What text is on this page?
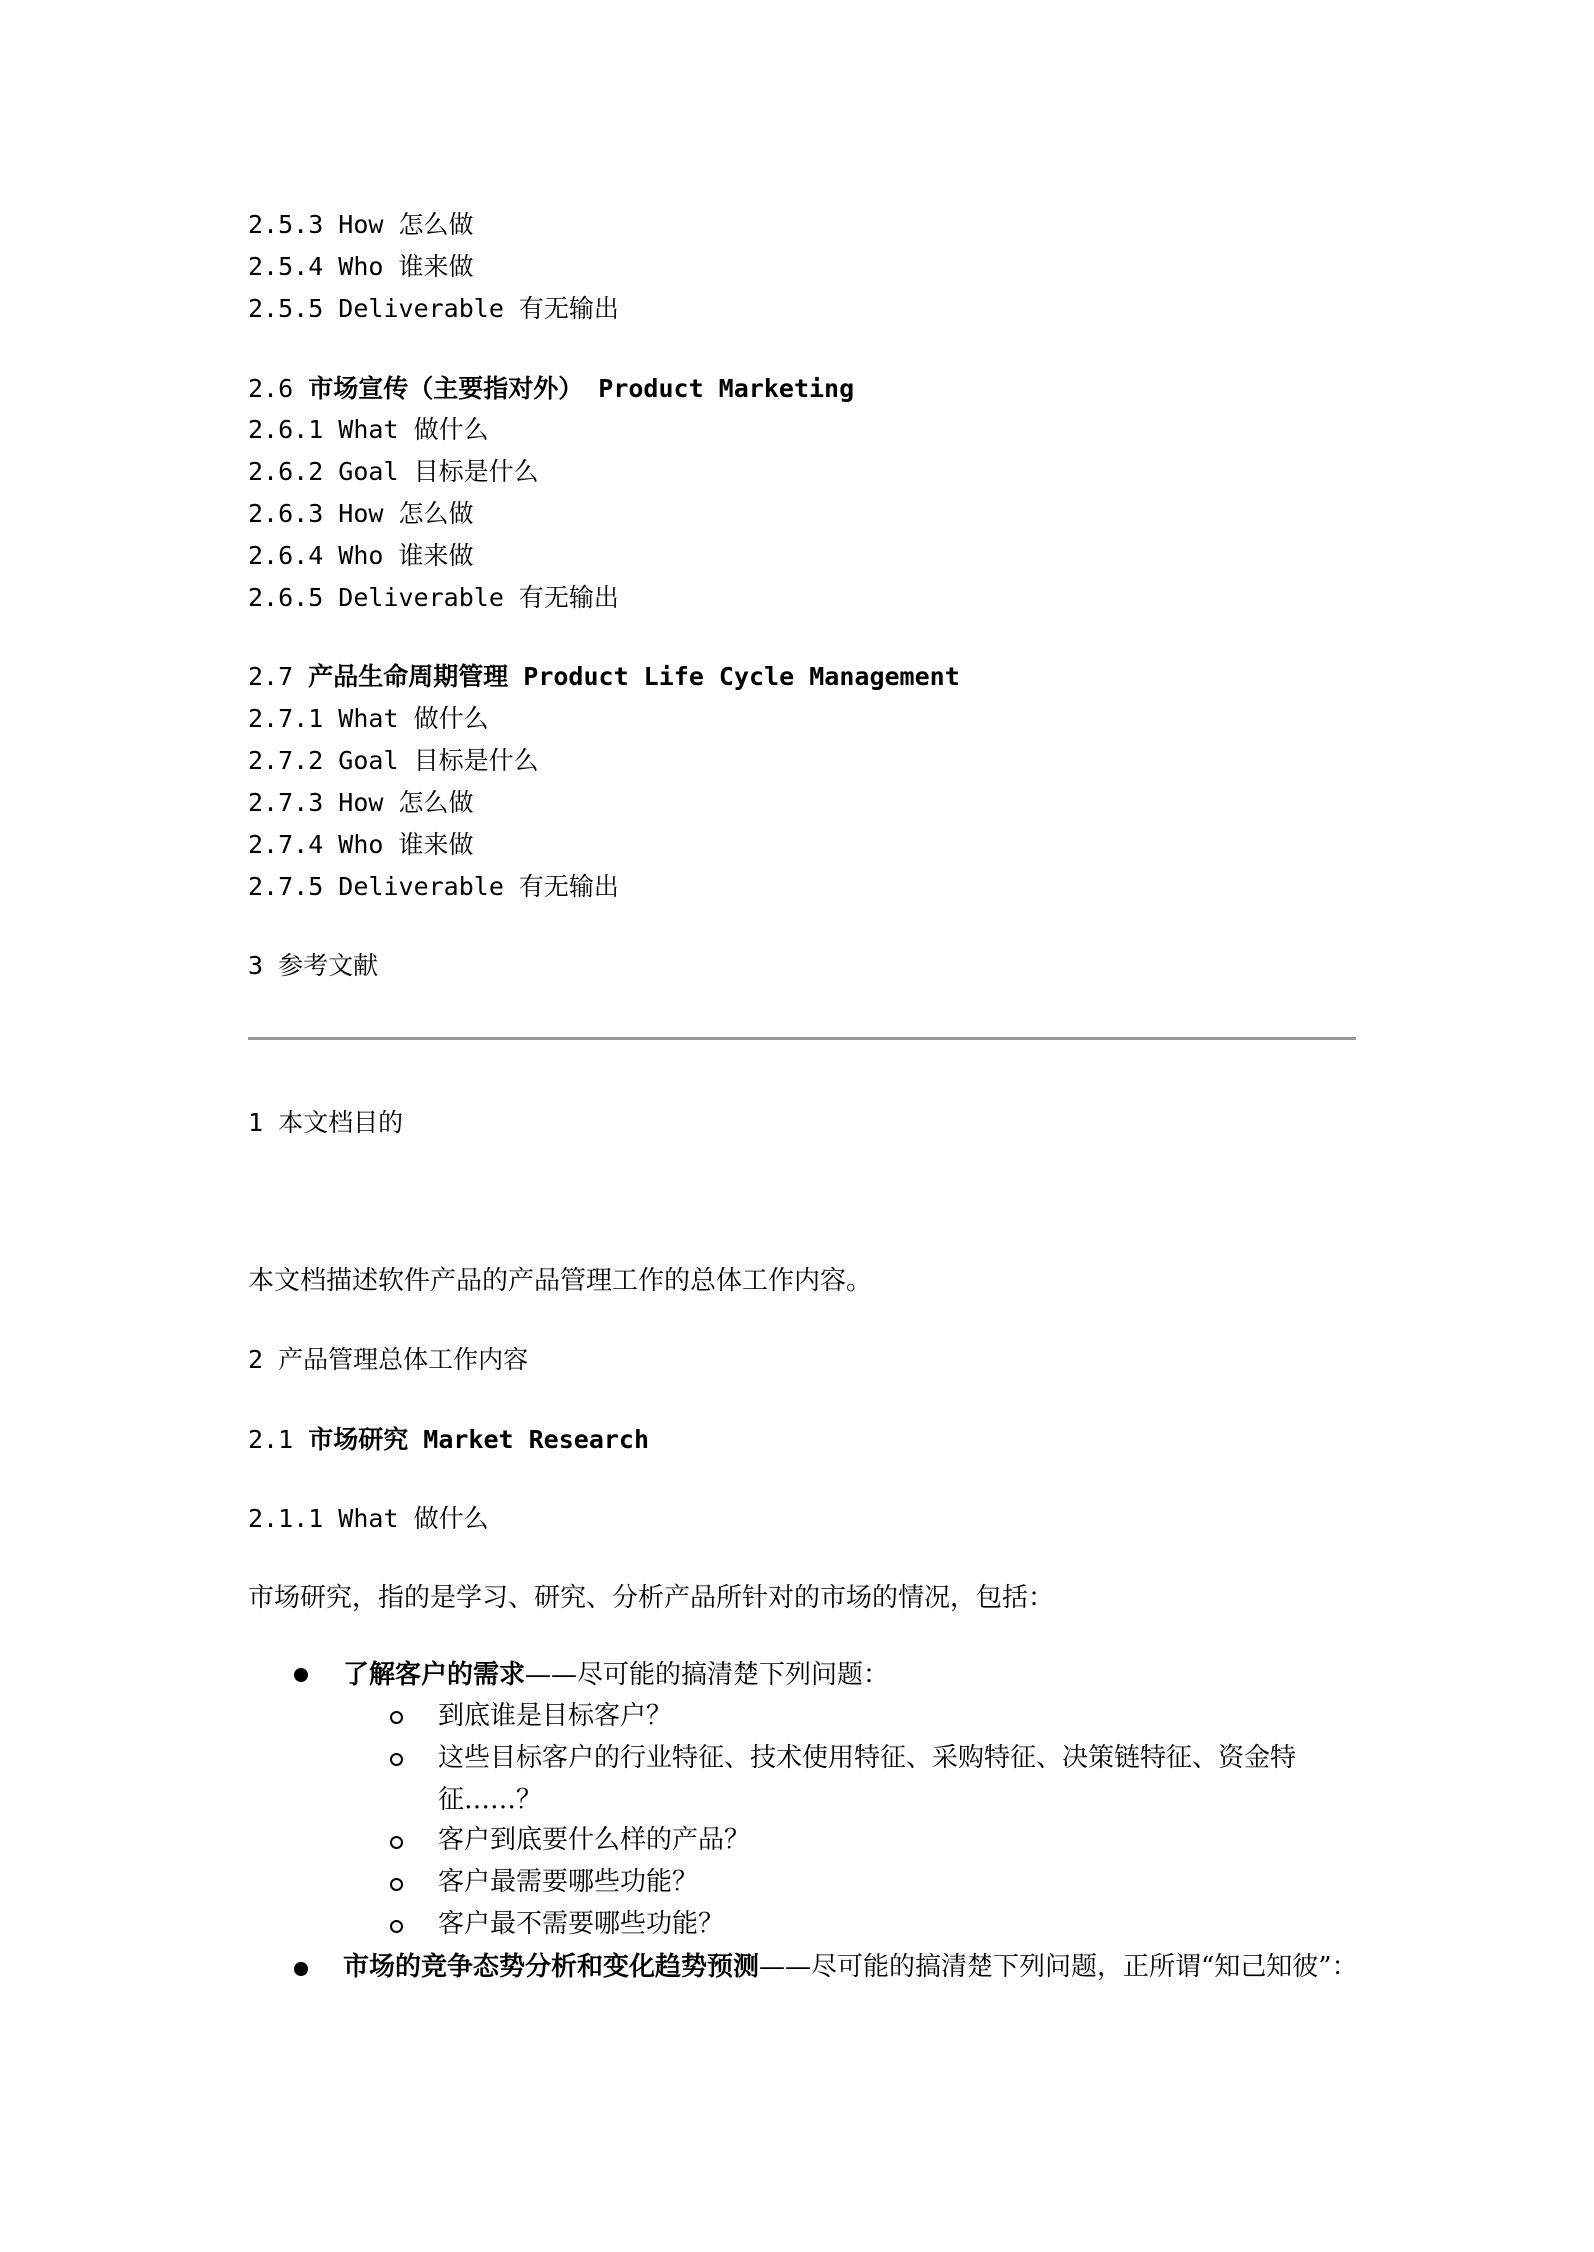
2.5.3 How 怎么做
2.5.4 Who 谁来做
2.5.5 Deliverable 有无输出
2.6 市场宣传（主要指对外） Product Marketing
2.6.1 What 做什么
2.6.2 Goal 目标是什么
2.6.3 How 怎么做
2.6.4 Who 谁来做
2.6.5 Deliverable 有无输出
2.7 产品生命周期管理 Product Life Cycle Management
2.7.1 What 做什么
2.7.2 Goal 目标是什么
2.7.3 How 怎么做
2.7.4 Who 谁来做
2.7.5 Deliverable 有无输出
3 参考文献
1 本文档目的
本文档描述软件产品的产品管理工作的总体工作内容。
2 产品管理总体工作内容
2.1 市场研究 Market Research
2.1.1 What 做什么
市场研究，指的是学习、研究、分析产品所针对的市场的情况，包括：
了解客户的需求——尽可能的搞清楚下列问题：
到底谁是目标客户？
这些目标客户的行业特征、技术使用特征、采购特征、决策链特征、资金特征……？
客户到底要什么样的产品？
客户最需要哪些功能？
客户最不需要哪些功能？
市场的竞争态势分析和变化趋势预测——尽可能的搞清楚下列问题，正所谓“知己知彼”：
